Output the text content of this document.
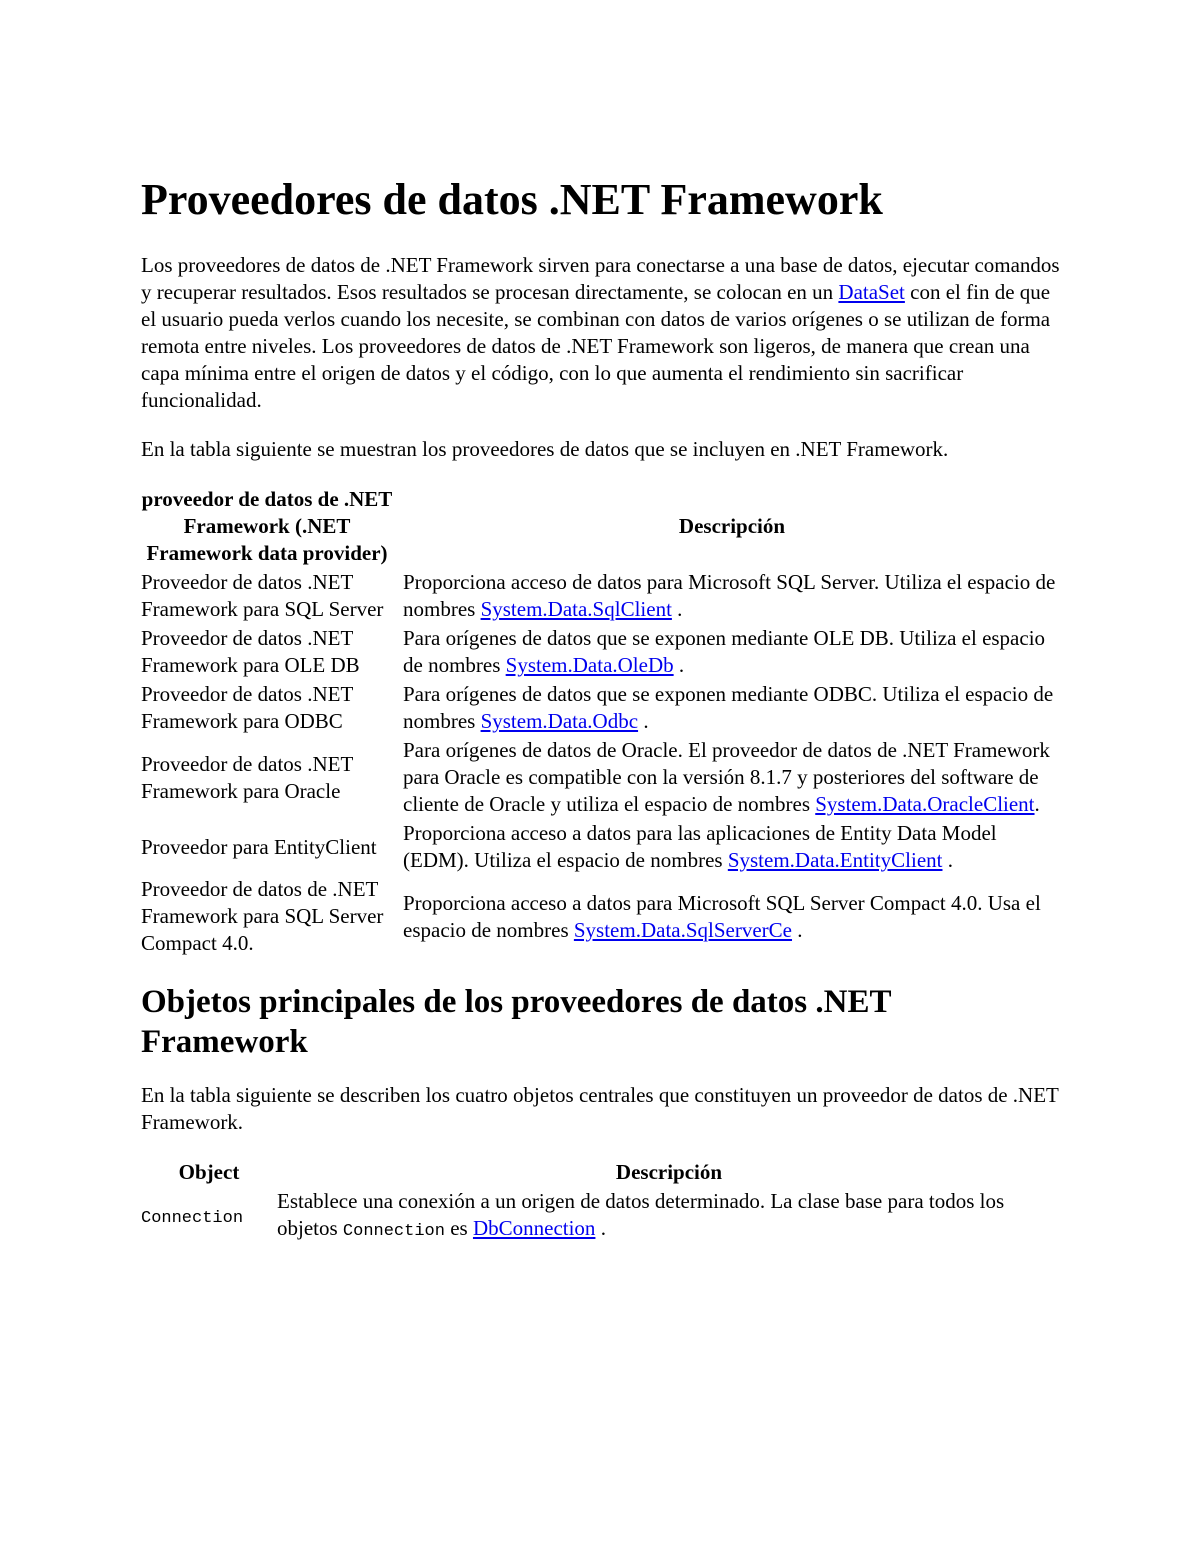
Proveedores de datos .NET Framework

Los proveedores de datos de .NET Framework sirven para conectarse a una base de datos, ejecutar comandos y recuperar resultados. Esos resultados se procesan directamente, se colocan en un DataSet con el fin de que el usuario pueda verlos cuando los necesite, se combinan con datos de varios orígenes o se utilizan de forma remota entre niveles. Los proveedores de datos de .NET Framework son ligeros, de manera que crean una capa mínima entre el origen de datos y el código, con lo que aumenta el rendimiento sin sacrificar funcionalidad.

En la tabla siguiente se muestran los proveedores de datos que se incluyen en .NET Framework.

proveedor de datos de .NET Framework (.NET Framework data provider)	Descripción
Proveedor de datos .NET Framework para SQL Server	Proporciona acceso de datos para Microsoft SQL Server. Utiliza el espacio de nombres System.Data.SqlClient .
Proveedor de datos .NET Framework para OLE DB	Para orígenes de datos que se exponen mediante OLE DB. Utiliza el espacio de nombres System.Data.OleDb .
Proveedor de datos .NET Framework para ODBC	Para orígenes de datos que se exponen mediante ODBC. Utiliza el espacio de nombres System.Data.Odbc .
Proveedor de datos .NET Framework para Oracle	Para orígenes de datos de Oracle. El proveedor de datos de .NET Framework para Oracle es compatible con la versión 8.1.7 y posteriores del software de cliente de Oracle y utiliza el espacio de nombres System.Data.OracleClient.
Proveedor para EntityClient	Proporciona acceso a datos para las aplicaciones de Entity Data Model (EDM). Utiliza el espacio de nombres System.Data.EntityClient .
Proveedor de datos de .NET Framework para SQL Server Compact 4.0.	Proporciona acceso a datos para Microsoft SQL Server Compact 4.0. Usa el espacio de nombres System.Data.SqlServerCe .
Objetos principales de los proveedores de datos .NET Framework

En la tabla siguiente se describen los cuatro objetos centrales que constituyen un proveedor de datos de .NET Framework.

Object	Descripción
Connection	Establece una conexión a un origen de datos determinado. La clase base para todos los objetos Connection es DbConnection .
